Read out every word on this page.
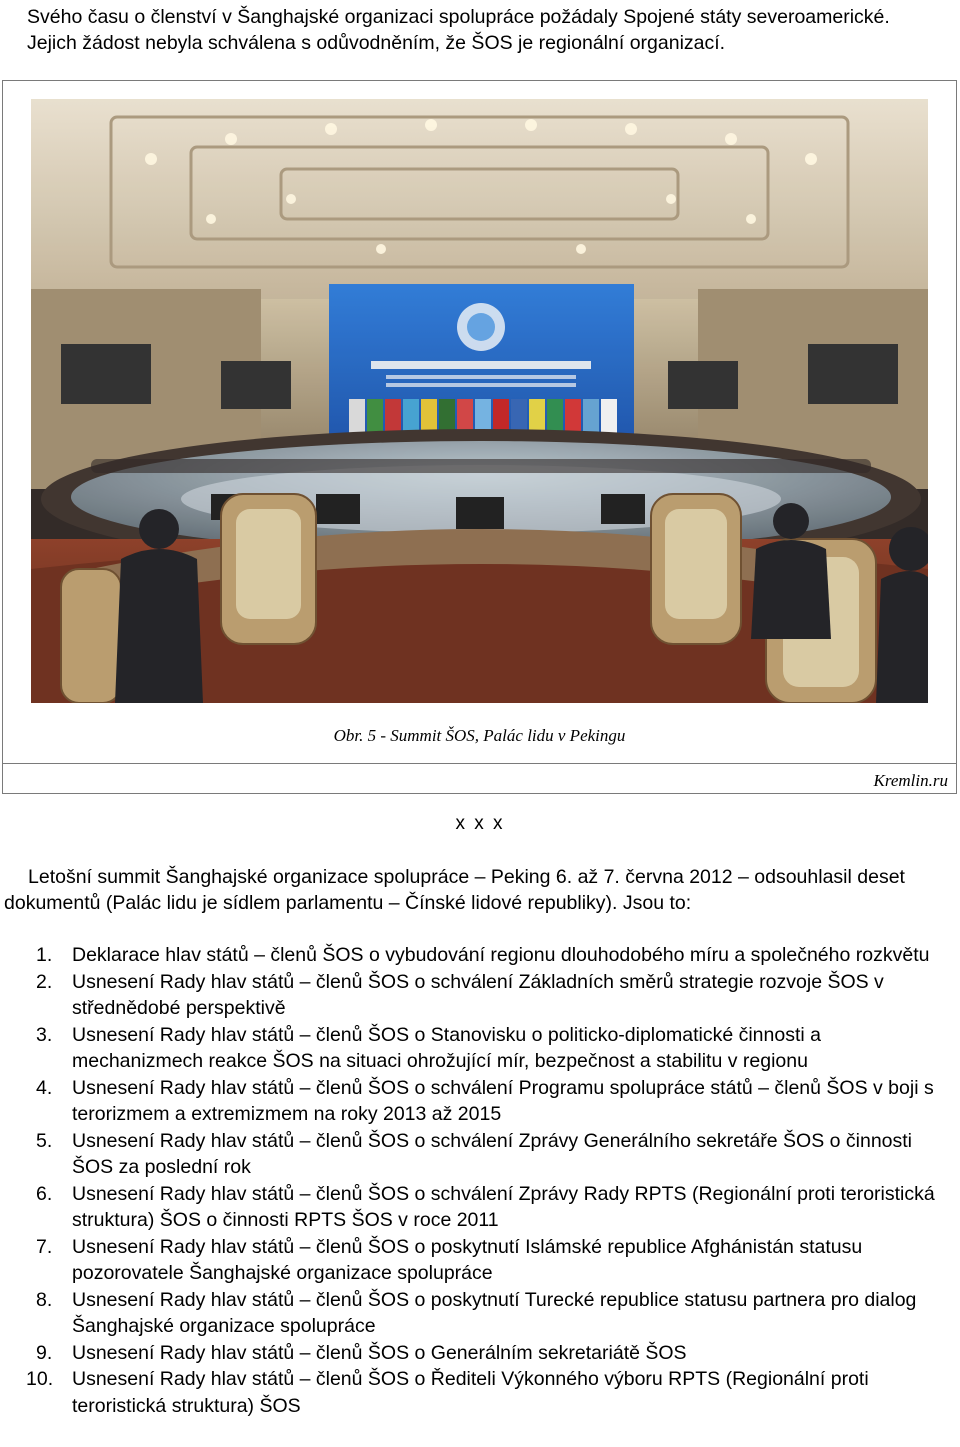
Svého času o členství v Šanghajské organizaci spolupráce požádaly Spojené státy severoamerické.

Jejich žádost nebyla schválena s odůvodněním, že ŠOS je regionální organizací.

Obr. 5 - Summit ŠOS, Palác lidu v Pekingu
Kremlin.ru
x x x

Letošní summit Šanghajské organizace spolupráce – Peking 6. až 7. června 2012 – odsouhlasil deset dokumentů (Palác lidu je sídlem parlamentu – Čínské lidové republiky). Jsou to:

1. Deklarace hlav států – členů ŠOS o vybudování regionu dlouhodobého míru a společného rozkvětu
2. Usnesení Rady hlav států – členů ŠOS o schválení Základních směrů strategie rozvoje ŠOS v střednědobé perspektivě
3. Usnesení Rady hlav států – členů ŠOS o Stanovisku o politicko-diplomatické činnosti a mechanizmech reakce ŠOS na situaci ohrožující mír, bezpečnost a stabilitu v regionu
4. Usnesení Rady hlav států – členů ŠOS o schválení Programu spolupráce států – členů ŠOS v boji s terorizmem a extremizmem na roky 2013 až 2015
5. Usnesení Rady hlav států – členů ŠOS o schválení Zprávy Generálního sekretáře ŠOS o činnosti ŠOS za poslední rok
6. Usnesení Rady hlav států – členů ŠOS o schválení Zprávy Rady RPTS (Regionální proti teroristická struktura) ŠOS o činnosti RPTS ŠOS v roce 2011
7. Usnesení Rady hlav států – členů ŠOS o poskytnutí Islámské republice Afghánistán statusu pozorovatele Šanghajské organizace spolupráce
8. Usnesení Rady hlav států – členů ŠOS o poskytnutí Turecké republice statusu partnera pro dialog Šanghajské organizace spolupráce
9. Usnesení Rady hlav států – členů ŠOS o Generálním sekretariátě ŠOS
10. Usnesení Rady hlav států – členů ŠOS o Řediteli Výkonného výboru RPTS (Regionální proti teroristická struktura) ŠOS
